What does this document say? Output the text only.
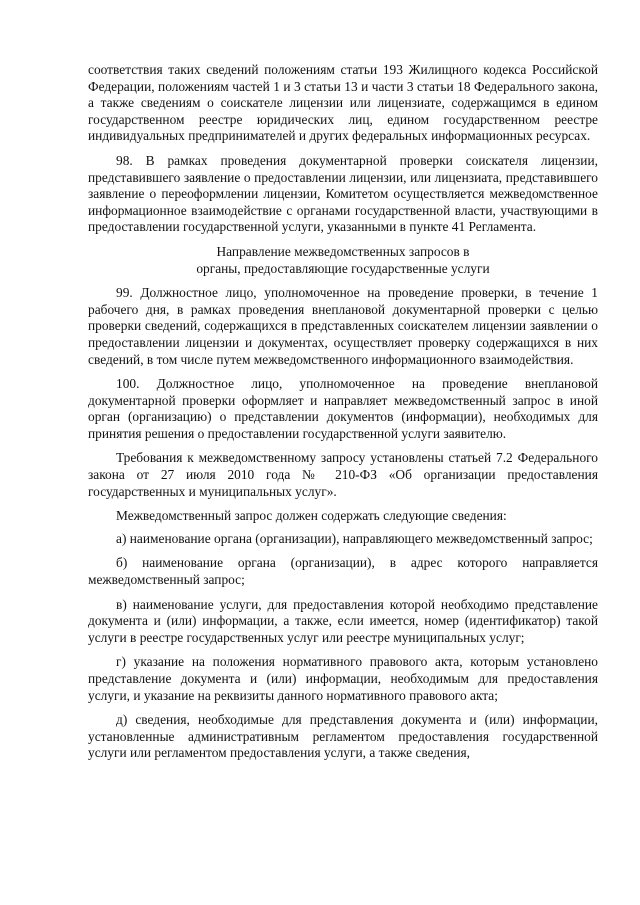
соответствия таких сведений положениям статьи 193 Жилищного кодекса Российской Федерации, положениям частей 1 и 3 статьи 13 и части 3 статьи 18 Федерального закона, а также сведениям о соискателе лицензии или лицензиате, содержащимся в едином государственном реестре юридических лиц, едином государственном реестре индивидуальных предпринимателей и других федеральных информационных ресурсах.

98. В рамках проведения документарной проверки соискателя лицензии, представившего заявление о предоставлении лицензии, или лицензиата, представившего заявление о переоформлении лицензии, Комитетом осуществляется межведомственное информационное взаимодействие с органами государственной власти, участвующими в предоставлении государственной услуги, указанными в пункте 41 Регламента.

Направление межведомственных запросов в
органы, предоставляющие государственные услуги

99. Должностное лицо, уполномоченное на проведение проверки, в течение 1 рабочего дня, в рамках проведения внеплановой документарной проверки с целью проверки сведений, содержащихся в представленных соискателем лицензии заявлении о предоставлении лицензии и документах, осуществляет проверку содержащихся в них сведений, в том числе путем межведомственного информационного взаимодействия.

100. Должностное лицо, уполномоченное на проведение внеплановой документарной проверки оформляет и направляет межведомственный запрос в иной орган (организацию) о представлении документов (информации), необходимых для принятия решения о предоставлении государственной услуги заявителю.

Требования к межведомственному запросу установлены статьей 7.2 Федерального закона от 27 июля 2010 года № 210-ФЗ «Об организации предоставления государственных и муниципальных услуг».

Межведомственный запрос должен содержать следующие сведения:

а) наименование органа (организации), направляющего межведомственный запрос;

б) наименование органа (организации), в адрес которого направляется межведомственный запрос;

в) наименование услуги, для предоставления которой необходимо представление документа и (или) информации, а также, если имеется, номер (идентификатор) такой услуги в реестре государственных услуг или реестре муниципальных услуг;

г) указание на положения нормативного правового акта, которым установлено представление документа и (или) информации, необходимым для предоставления услуги, и указание на реквизиты данного нормативного правового акта;

д) сведения, необходимые для представления документа и (или) информации, установленные административным регламентом предоставления государственной услуги или регламентом предоставления услуги, а также сведения,
